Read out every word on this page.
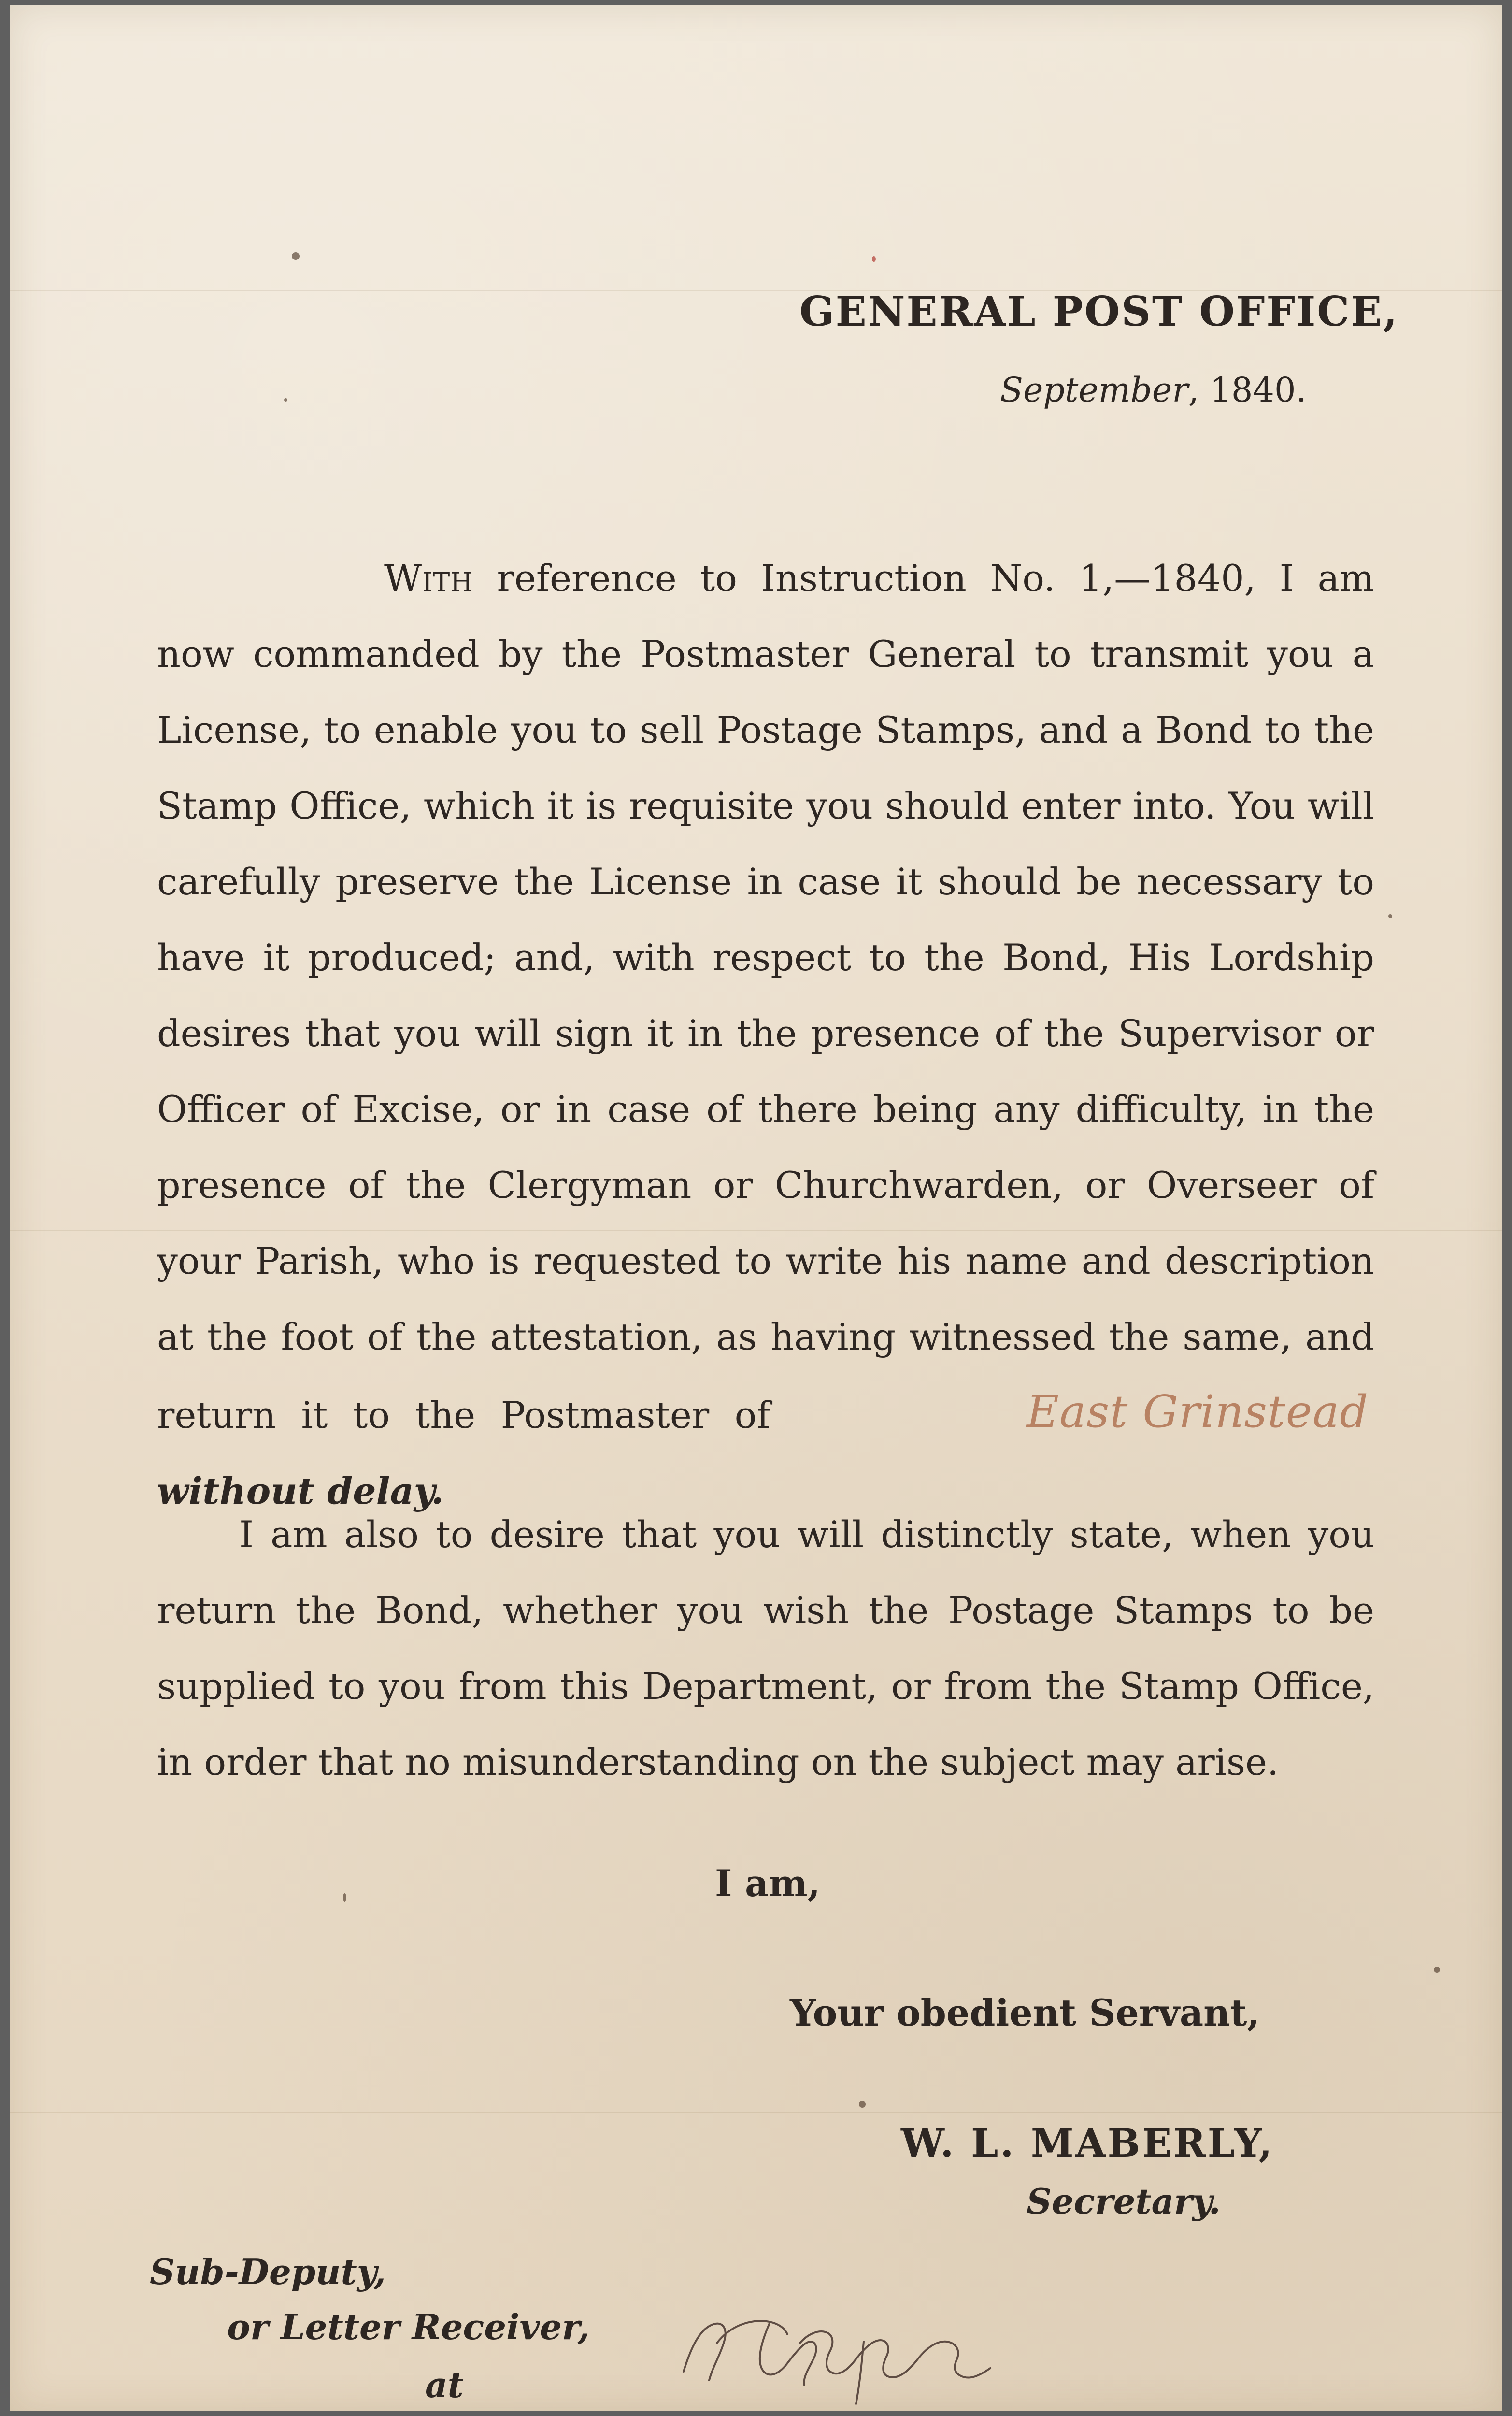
GENERAL POST OFFICE,
September, 1840.
With reference to Instruction No. 1,—1840, I am now commanded by the Postmaster General to transmit you a License, to enable you to sell Postage Stamps, and a Bond to the Stamp Office, which it is requisite you should enter into. You will carefully preserve the License in case it should be necessary to have it produced; and, with respect to the Bond, His Lordship desires that you will sign it in the presence of the Supervisor or Officer of Excise, or in case of there being any difficulty, in the presence of the Clergyman or Churchwarden, or Overseer of your Parish, who is requested to write his name and description at the foot of the attestation, as having witnessed the same, and return it to the Postmaster of	East Grinstead without delay.
I am also to desire that you will distinctly state, when you return the Bond, whether you wish the Postage Stamps to be supplied to you from this Department, or from the Stamp Office, in order that no misunderstanding on the subject may arise.
I am,
Your obedient Servant,
W. L. MABERLY,
Secretary.
Sub-Deputy,
or Letter Receiver,
at
